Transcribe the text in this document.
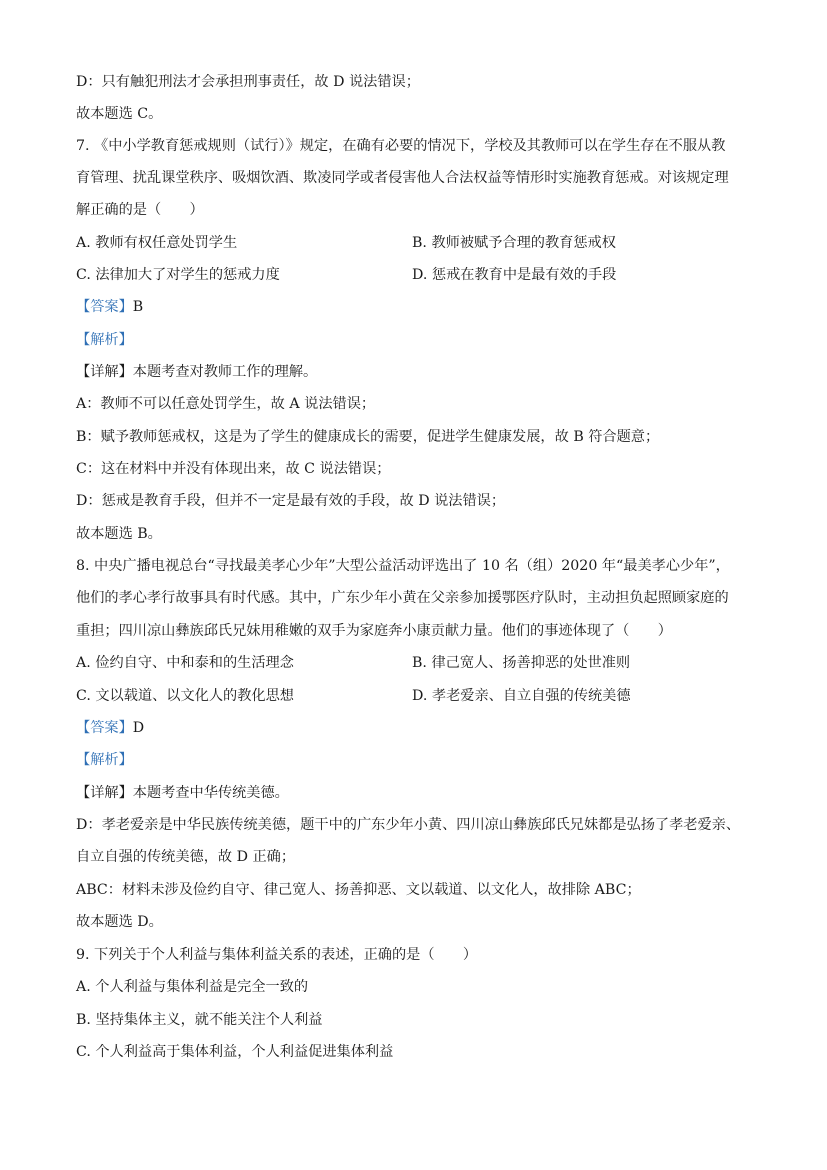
D：只有触犯刑法才会承担刑事责任，故 D 说法错误；
故本题选 C。
7. 《中小学教育惩戒规则（试行）》规定，在确有必要的情况下，学校及其教师可以在学生存在不服从教
育管理、扰乱课堂秩序、吸烟饮酒、欺凌同学或者侵害他人合法权益等情形时实施教育惩戒。对该规定理
解正确的是（　　）
A. 教师有权任意处罚学生	B. 教师被赋予合理的教育惩戒权
C. 法律加大了对学生的惩戒力度	D. 惩戒在教育中是最有效的手段
【答案】B
【解析】
【详解】本题考查对教师工作的理解。
A：教师不可以任意处罚学生，故 A 说法错误；
B：赋予教师惩戒权，这是为了学生的健康成长的需要，促进学生健康发展，故 B 符合题意；
C：这在材料中并没有体现出来，故 C 说法错误；
D：惩戒是教育手段，但并不一定是最有效的手段，故 D 说法错误；
故本题选 B。
8. 中央广播电视总台“寻找最美孝心少年”大型公益活动评选出了 10 名（组）2020 年“最美孝心少年”，
他们的孝心孝行故事具有时代感。其中，广东少年小黄在父亲参加援鄂医疗队时，主动担负起照顾家庭的
重担；四川凉山彝族邱氏兄妹用稚嫩的双手为家庭奔小康贡献力量。他们的事迹体现了（　　）
A. 俭约自守、中和泰和的生活理念	B. 律己宽人、扬善抑恶的处世准则
C. 文以载道、以文化人的教化思想	D. 孝老爱亲、自立自强的传统美德
【答案】D
【解析】
【详解】本题考查中华传统美德。
D：孝老爱亲是中华民族传统美德，题干中的广东少年小黄、四川凉山彝族邱氏兄妹都是弘扬了孝老爱亲、
自立自强的传统美德，故 D 正确；
ABC：材料未涉及俭约自守、律己宽人、扬善抑恶、文以载道、以文化人，故排除 ABC；
故本题选 D。
9. 下列关于个人利益与集体利益关系的表述，正确的是（　　）
A. 个人利益与集体利益是完全一致的
B. 坚持集体主义，就不能关注个人利益
C. 个人利益高于集体利益，个人利益促进集体利益
